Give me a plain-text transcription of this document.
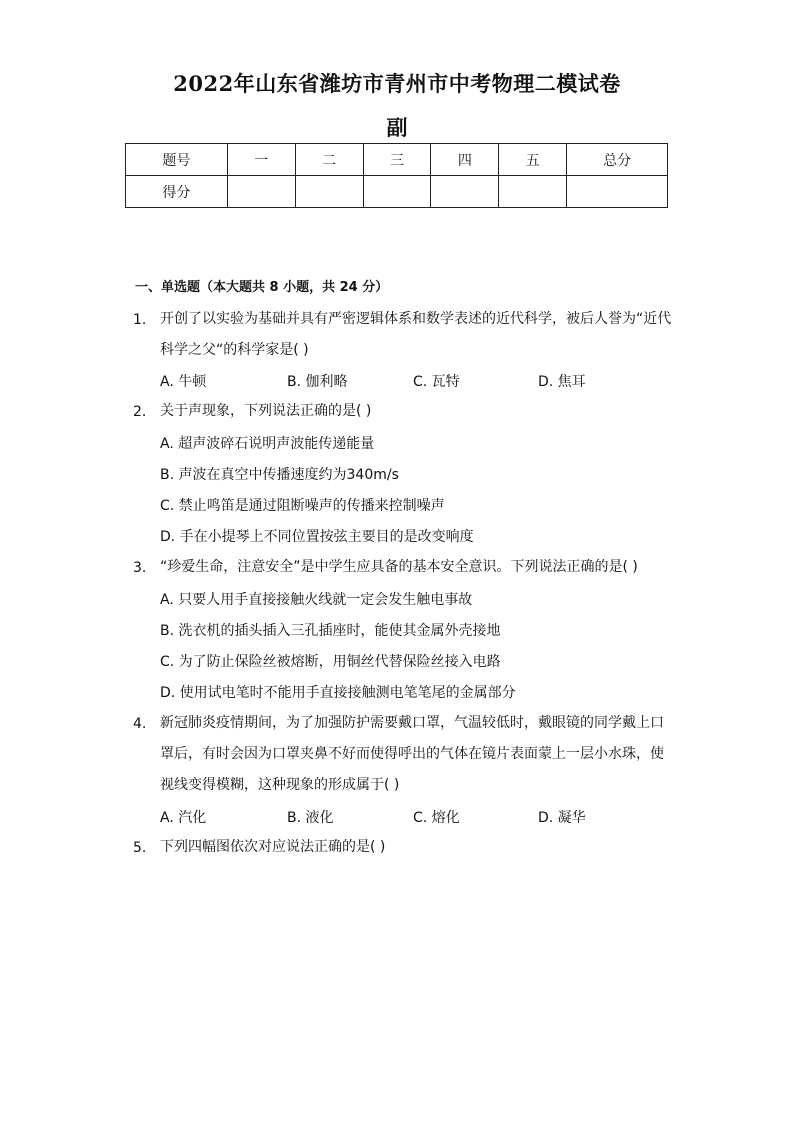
2022年山东省潍坊市青州市中考物理二模试卷
副
题号	一	二	三	四	五	总分
得分						
一、单选题（本大题共 8 小题，共 24 分）
1. 开创了以实验为基础并具有严密逻辑体系和数学表述的近代科学，被后人誉为“近代科学之父“的科学家是( )
A. 牛顿	B. 伽利略	C. 瓦特	D. 焦耳
2. 关于声现象，下列说法正确的是( )
A. 超声波碎石说明声波能传递能量
B. 声波在真空中传播速度约为340m/s
C. 禁止鸣笛是通过阻断噪声的传播来控制噪声
D. 手在小提琴上不同位置按弦主要目的是改变响度
3. “珍爱生命，注意安全”是中学生应具备的基本安全意识。下列说法正确的是( )
A. 只要人用手直接接触火线就一定会发生触电事故
B. 洗衣机的插头插入三孔插座时，能使其金属外壳接地
C. 为了防止保险丝被熔断，用铜丝代替保险丝接入电路
D. 使用试电笔时不能用手直接接触测电笔笔尾的金属部分
4. 新冠肺炎疫情期间，为了加强防护需要戴口罩，气温较低时，戴眼镜的同学戴上口罩后，有时会因为口罩夹鼻不好而使得呼出的气体在镜片表面蒙上一层小水珠，使视线变得模糊，这种现象的形成属于( )
A. 汽化	B. 液化	C. 熔化	D. 凝华
5. 下列四幅图依次对应说法正确的是( )
